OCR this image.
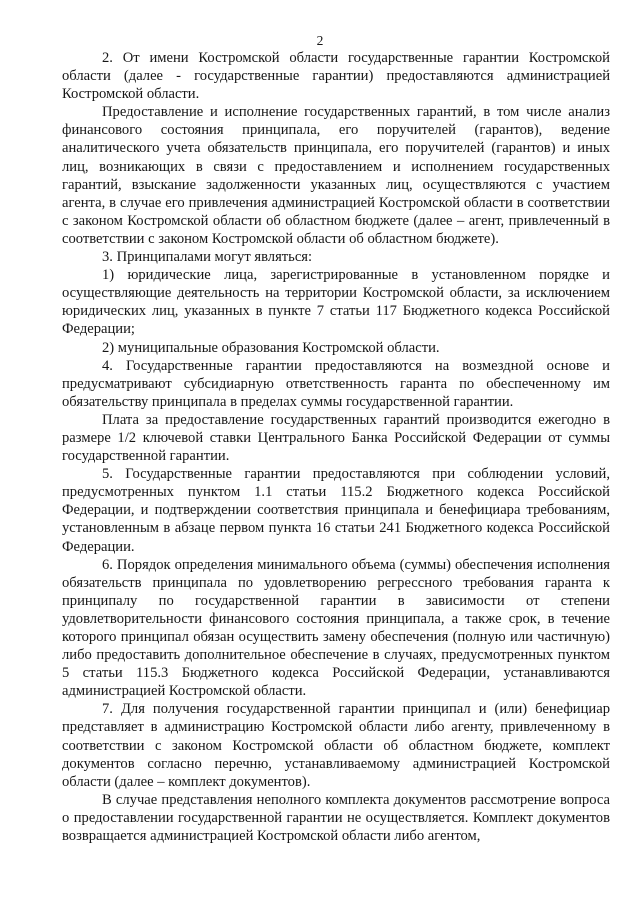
2

2. От имени Костромской области государственные гарантии Костромской области (далее - государственные гарантии) предоставляются администрацией Костромской области.

Предоставление и исполнение государственных гарантий, в том числе анализ финансового состояния принципала, его поручителей (гарантов), ведение аналитического учета обязательств принципала, его поручителей (гарантов) и иных лиц, возникающих в связи с предоставлением и исполнением государственных гарантий, взыскание задолженности указанных лиц, осуществляются с участием агента, в случае его привлечения администрацией Костромской области в соответствии с законом Костромской области об областном бюджете (далее – агент, привлеченный в соответствии с законом Костромской области об областном бюджете).

3. Принципалами могут являться:

1) юридические лица, зарегистрированные в установленном порядке и осуществляющие деятельность на территории Костромской области, за исключением юридических лиц, указанных в пункте 7 статьи 117 Бюджетного кодекса Российской Федерации;

2) муниципальные образования Костромской области.

4. Государственные гарантии предоставляются на возмездной основе и предусматривают субсидиарную ответственность гаранта по обеспеченному им обязательству принципала в пределах суммы государственной гарантии.

Плата за предоставление государственных гарантий производится ежегодно в размере 1/2 ключевой ставки Центрального Банка Российской Федерации от суммы государственной гарантии.

5. Государственные гарантии предоставляются при соблюдении условий, предусмотренных пунктом 1.1 статьи 115.2 Бюджетного кодекса Российской Федерации, и подтверждении соответствия принципала и бенефициара требованиям, установленным в абзаце первом пункта 16 статьи 241 Бюджетного кодекса Российской Федерации.

6. Порядок определения минимального объема (суммы) обеспечения исполнения обязательств принципала по удовлетворению регрессного требования гаранта к принципалу по государственной гарантии в зависимости от степени удовлетворительности финансового состояния принципала, а также срок, в течение которого принципал обязан осуществить замену обеспечения (полную или частичную) либо предоставить дополнительное обеспечение в случаях, предусмотренных пунктом 5 статьи 115.3 Бюджетного кодекса Российской Федерации, устанавливаются администрацией Костромской области.

7. Для получения государственной гарантии принципал и (или) бенефициар представляет в администрацию Костромской области либо агенту, привлеченному в соответствии с законом Костромской области об областном бюджете, комплект документов согласно перечню, устанавливаемому администрацией Костромской области (далее – комплект документов).

В случае представления неполного комплекта документов рассмотрение вопроса о предоставлении государственной гарантии не осуществляется. Комплект документов возвращается администрацией Костромской области либо агентом,
